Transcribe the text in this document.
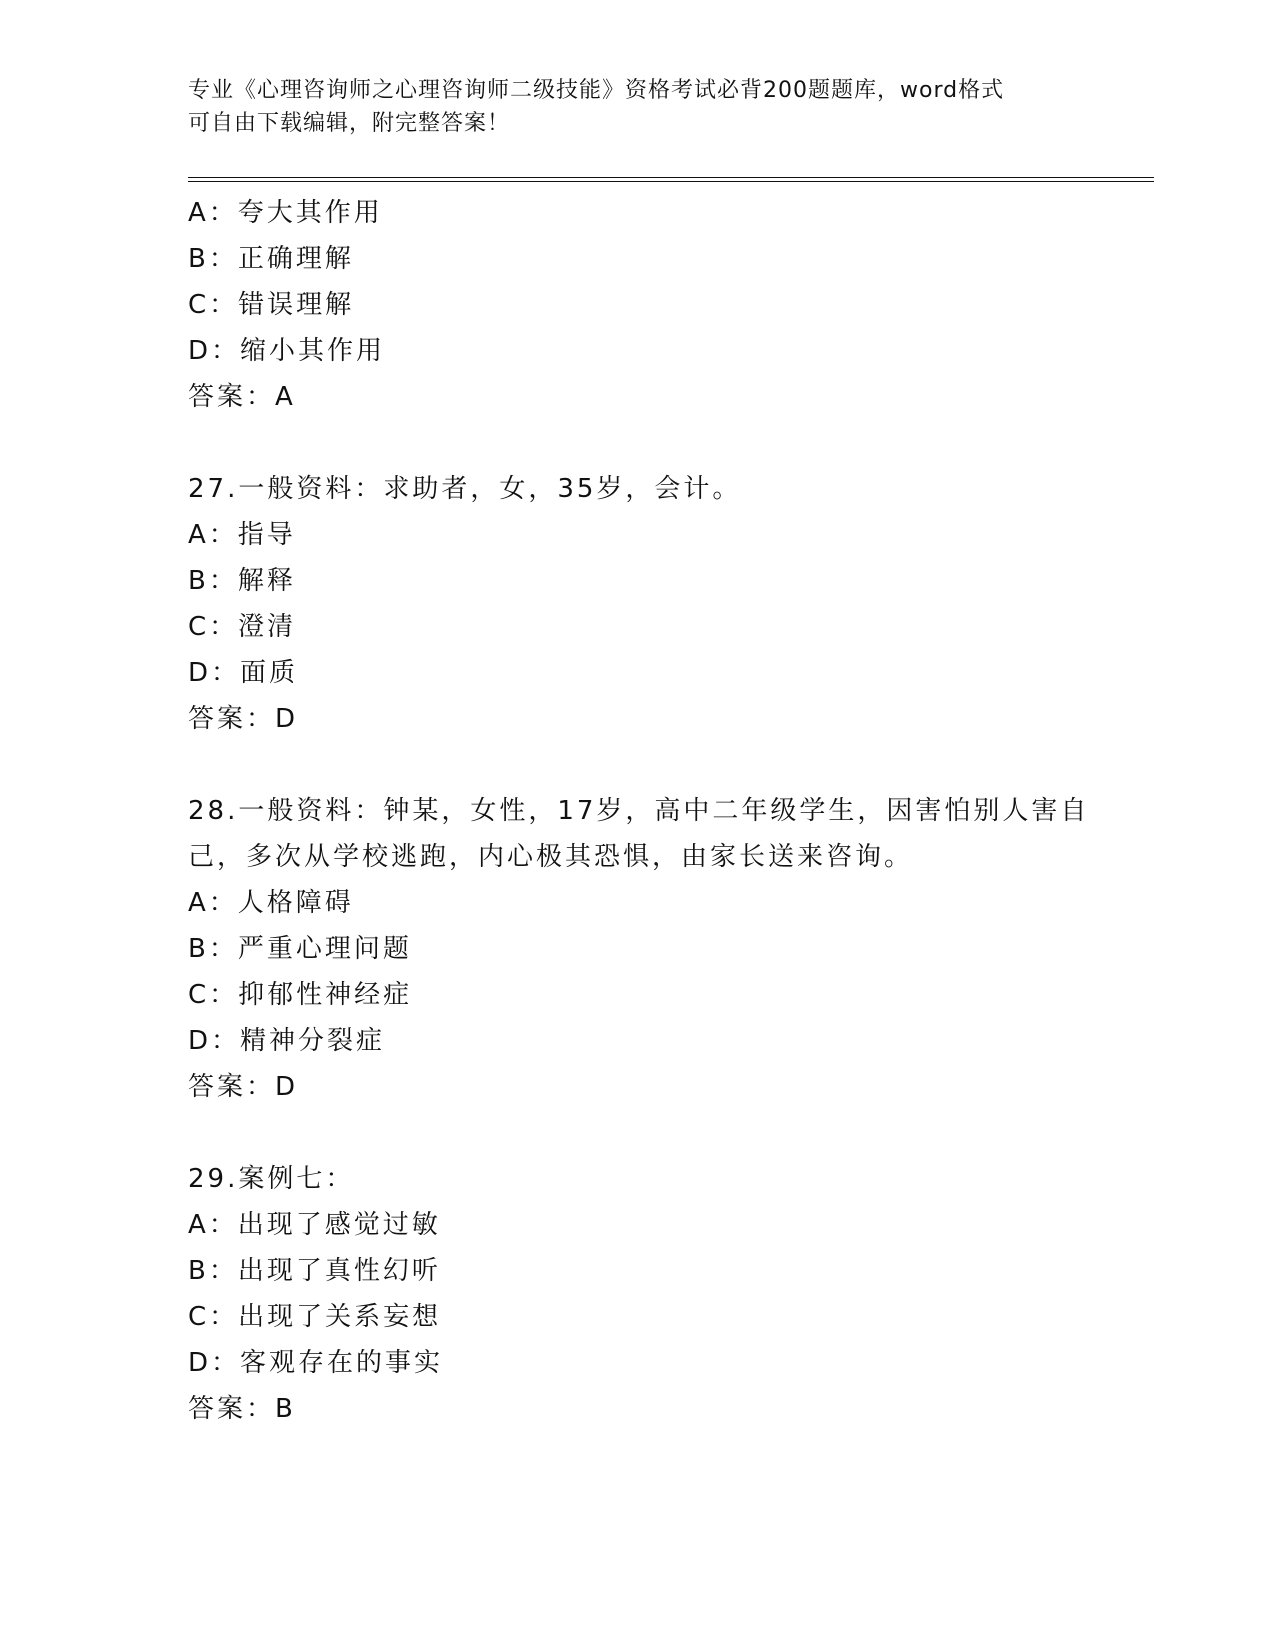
专业《心理咨询师之心理咨询师二级技能》资格考试必背200题题库，word格式
可自由下载编辑，附完整答案！
A：夸大其作用
B：正确理解
C：错误理解
D：缩小其作用
答案：A
27.一般资料：求助者，女，35岁，会计。
A：指导
B：解释
C：澄清
D：面质
答案：D
28.一般资料：钟某，女性，17岁，高中二年级学生，因害怕别人害自
己，多次从学校逃跑，内心极其恐惧，由家长送来咨询。
A：人格障碍
B：严重心理问题
C：抑郁性神经症
D：精神分裂症
答案：D
29.案例七：
A：出现了感觉过敏
B：出现了真性幻听
C：出现了关系妄想
D：客观存在的事实
答案：B
